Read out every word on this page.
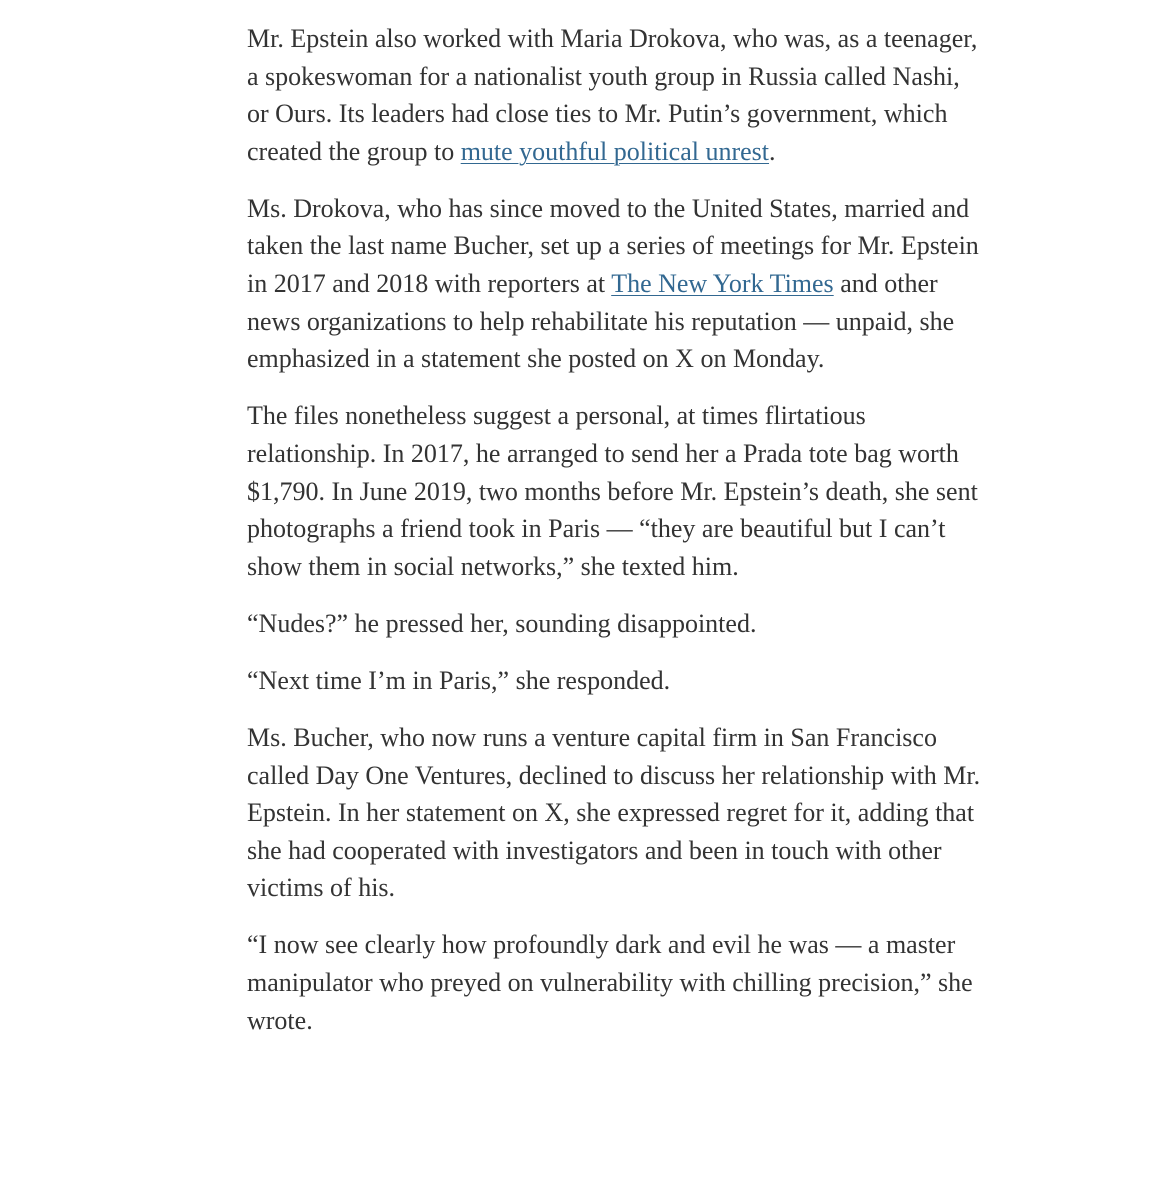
Mr. Epstein also worked with Maria Drokova, who was, as a teenager, a spokeswoman for a nationalist youth group in Russia called Nashi, or Ours. Its leaders had close ties to Mr. Putin’s government, which created the group to mute youthful political unrest.

Ms. Drokova, who has since moved to the United States, married and taken the last name Bucher, set up a series of meetings for Mr. Epstein in 2017 and 2018 with reporters at The New York Times and other news organizations to help rehabilitate his reputation — unpaid, she emphasized in a statement she posted on X on Monday.

The files nonetheless suggest a personal, at times flirtatious relationship. In 2017, he arranged to send her a Prada tote bag worth $1,790. In June 2019, two months before Mr. Epstein’s death, she sent photographs a friend took in Paris — “they are beautiful but I can’t show them in social networks,” she texted him.

“Nudes?” he pressed her, sounding disappointed.

“Next time I’m in Paris,” she responded.

Ms. Bucher, who now runs a venture capital firm in San Francisco called Day One Ventures, declined to discuss her relationship with Mr. Epstein. In her statement on X, she expressed regret for it, adding that she had cooperated with investigators and been in touch with other victims of his.

“I now see clearly how profoundly dark and evil he was — a master manipulator who preyed on vulnerability with chilling precision,” she wrote.
